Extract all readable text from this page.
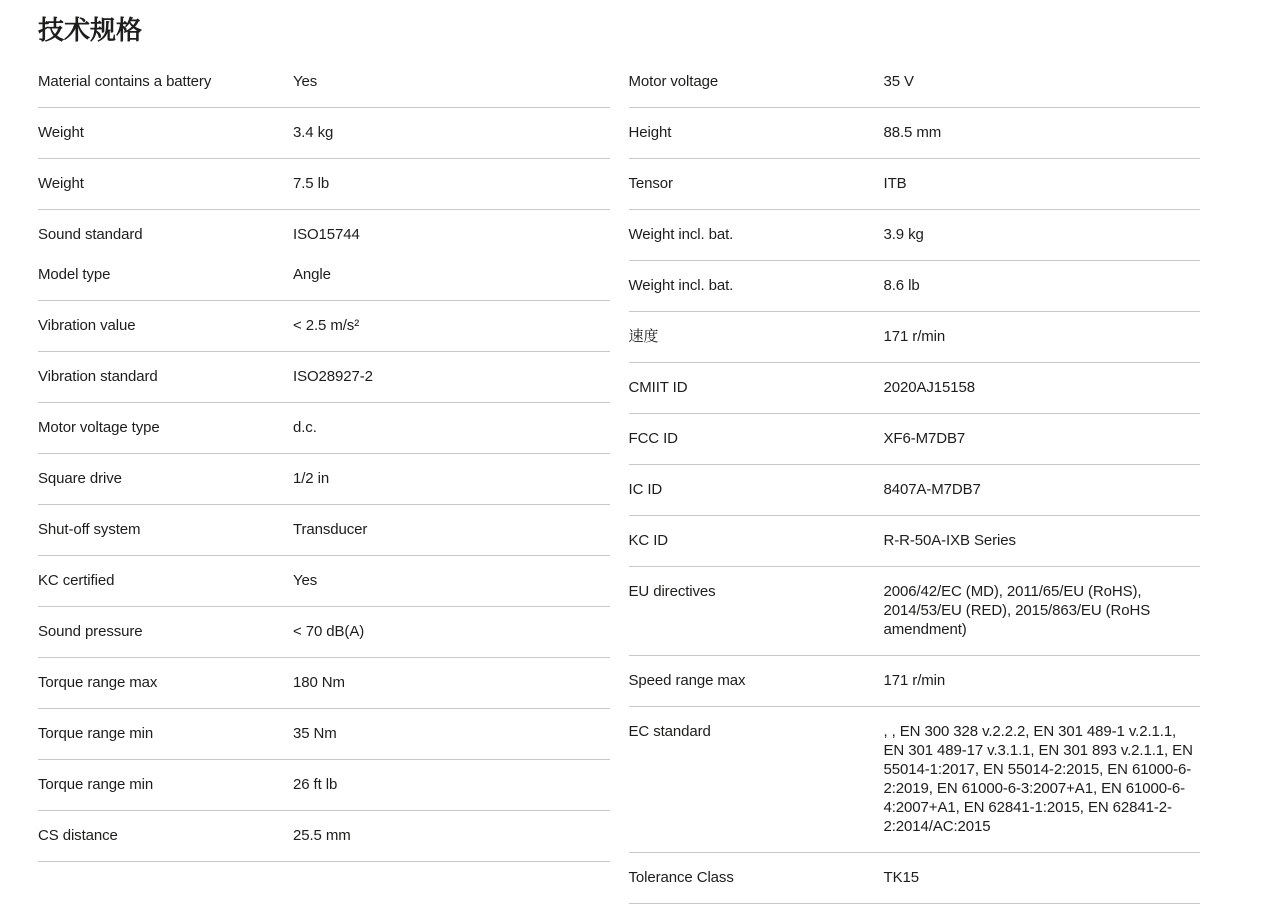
技术规格
Material contains a battery	Yes
Weight	3.4 kg
Weight	7.5 lb
Sound standard	ISO15744
Model type	Angle
Vibration value	< 2.5 m/s²
Vibration standard	ISO28927-2
Motor voltage type	d.c.
Square drive	1/2 in
Shut-off system	Transducer
KC certified	Yes
Sound pressure	< 70 dB(A)
Torque range max	180 Nm
Torque range min	35 Nm
Torque range min	26 ft lb
CS distance	25.5 mm
Motor voltage	35 V
Height	88.5 mm
Tensor	ITB
Weight incl. bat.	3.9 kg
Weight incl. bat.	8.6 lb
速度	171 r/min
CMIIT ID	2020AJ15158
FCC ID	XF6-M7DB7
IC ID	8407A-M7DB7
KC ID	R-R-50A-IXB Series
EU directives	2006/42/EC (MD), 2011/65/EU (RoHS), 2014/53/EU (RED), 2015/863/EU (RoHS amendment)
Speed range max	171 r/min
EC standard	, , EN 300 328 v.2.2.2, EN 301 489-1 v.2.1.1, EN 301 489-17 v.3.1.1, EN 301 893 v.2.1.1, EN 55014-1:2017, EN 55014-2:2015, EN 61000-6-2:2019, EN 61000-6-3:2007+A1, EN 61000-6-4:2007+A1, EN 62841-1:2015, EN 62841-2-2:2014/AC:2015
Tolerance Class	TK15
